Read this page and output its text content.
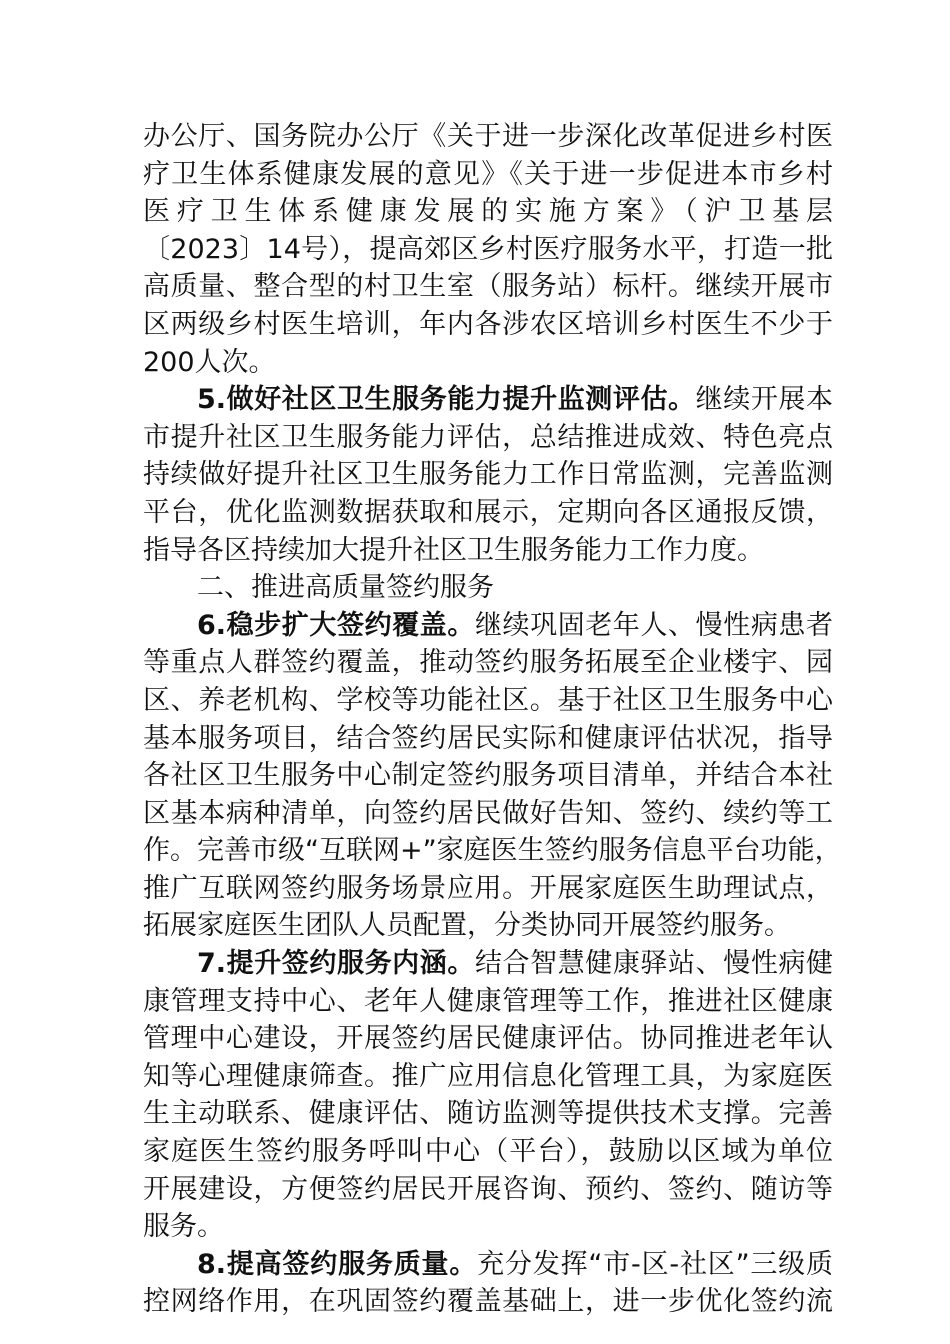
办公厅、国务院办公厅《关于进一步深化改革促进乡村医
疗卫生体系健康发展的意见》《关于进一步促进本市乡村
医疗卫生体系健康发展的实施方案》（沪卫基层
〔2023〕14号），提高郊区乡村医疗服务水平，打造一批
高质量、整合型的村卫生室（服务站）标杆。继续开展市
区两级乡村医生培训，年内各涉农区培训乡村医生不少于
200人次。
5.做好社区卫生服务能力提升监测评估。继续开展本
市提升社区卫生服务能力评估，总结推进成效、特色亮点
持续做好提升社区卫生服务能力工作日常监测，完善监测
平台，优化监测数据获取和展示，定期向各区通报反馈，
指导各区持续加大提升社区卫生服务能力工作力度。
二、推进高质量签约服务
6.稳步扩大签约覆盖。继续巩固老年人、慢性病患者
等重点人群签约覆盖，推动签约服务拓展至企业楼宇、园
区、养老机构、学校等功能社区。基于社区卫生服务中心
基本服务项目，结合签约居民实际和健康评估状况，指导
各社区卫生服务中心制定签约服务项目清单，并结合本社
区基本病种清单，向签约居民做好告知、签约、续约等工
作。完善市级“互联网+”家庭医生签约服务信息平台功能，
推广互联网签约服务场景应用。开展家庭医生助理试点，
拓展家庭医生团队人员配置，分类协同开展签约服务。
7.提升签约服务内涵。结合智慧健康驿站、慢性病健
康管理支持中心、老年人健康管理等工作，推进社区健康
管理中心建设，开展签约居民健康评估。协同推进老年认
知等心理健康筛查。推广应用信息化管理工具，为家庭医
生主动联系、健康评估、随访监测等提供技术支撑。完善
家庭医生签约服务呼叫中心（平台），鼓励以区域为单位
开展建设，方便签约居民开展咨询、预约、签约、随访等
服务。
8.提高签约服务质量。充分发挥“市-区-社区”三级质
控网络作用，在巩固签约覆盖基础上，进一步优化签约流
